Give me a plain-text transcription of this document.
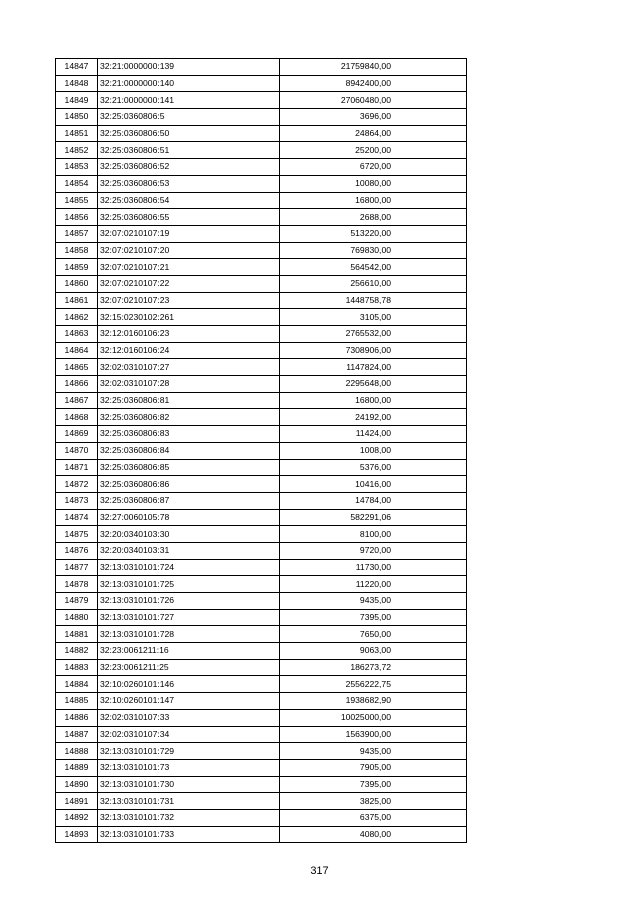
14847	32:21:0000000:139	21759840,00
14848	32:21:0000000:140	8942400,00
14849	32:21:0000000:141	27060480,00
14850	32:25:0360806:5	3696,00
14851	32:25:0360806:50	24864,00
14852	32:25:0360806:51	25200,00
14853	32:25:0360806:52	6720,00
14854	32:25:0360806:53	10080,00
14855	32:25:0360806:54	16800,00
14856	32:25:0360806:55	2688,00
14857	32:07:0210107:19	513220,00
14858	32:07:0210107:20	769830,00
14859	32:07:0210107:21	564542,00
14860	32:07:0210107:22	256610,00
14861	32:07:0210107:23	1448758,78
14862	32:15:0230102:261	3105,00
14863	32:12:0160106:23	2765532,00
14864	32:12:0160106:24	7308906,00
14865	32:02:0310107:27	1147824,00
14866	32:02:0310107:28	2295648,00
14867	32:25:0360806:81	16800,00
14868	32:25:0360806:82	24192,00
14869	32:25:0360806:83	11424,00
14870	32:25:0360806:84	1008,00
14871	32:25:0360806:85	5376,00
14872	32:25:0360806:86	10416,00
14873	32:25:0360806:87	14784,00
14874	32:27:0060105:78	582291,06
14875	32:20:0340103:30	8100,00
14876	32:20:0340103:31	9720,00
14877	32:13:0310101:724	11730,00
14878	32:13:0310101:725	11220,00
14879	32:13:0310101:726	9435,00
14880	32:13:0310101:727	7395,00
14881	32:13:0310101:728	7650,00
14882	32:23:0061211:16	9063,00
14883	32:23:0061211:25	186273,72
14884	32:10:0260101:146	2556222,75
14885	32:10:0260101:147	1938682,90
14886	32:02:0310107:33	10025000,00
14887	32:02:0310107:34	1563900,00
14888	32:13:0310101:729	9435,00
14889	32:13:0310101:73	7905,00
14890	32:13:0310101:730	7395,00
14891	32:13:0310101:731	3825,00
14892	32:13:0310101:732	6375,00
14893	32:13:0310101:733	4080,00
317
